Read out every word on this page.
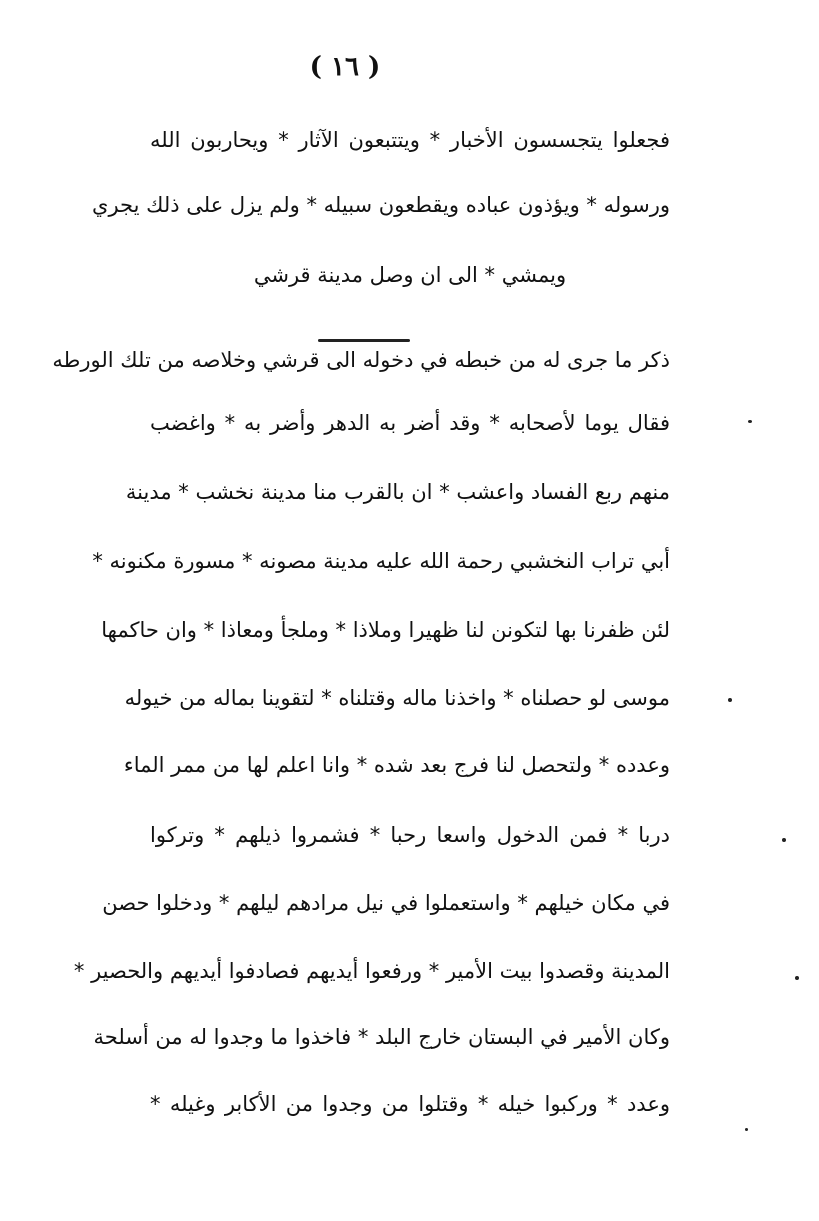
( ١٦ )
فجعلوا يتجسسون الأخبار * ويتتبعون الآثار * ويحاربون الله
ورسوله * ويؤذون عباده ويقطعون سبيله * ولم يزل على ذلك يجري
ويمشي * الى ان وصل مدينة قرشي
ذكر ما جرى له من خبطه في دخوله الى قرشي وخلاصه من تلك الورطه
فقال يوما لأصحابه * وقد أضر به الدهر وأضر به * واغضب
منهم ربع الفساد واعشب * ان بالقرب منا مدينة نخشب * مدينة
أبي تراب النخشبي رحمة الله عليه مدينة مصونه * مسورة مكنونه *
لئن ظفرنا بها لتكونن لنا ظهيرا وملاذا * وملجأ ومعاذا * وان حاكمها
موسى لو حصلناه * واخذنا ماله وقتلناه * لتقوينا بماله من خيوله
وعدده * ولتحصل لنا فرج بعد شده * وانا اعلم لها من ممر الماء
دربا * فمن الدخول واسعا رحبا * فشمروا ذيلهم * وتركوا
في مكان خيلهم * واستعملوا في نيل مرادهم ليلهم * ودخلوا حصن
المدينة وقصدوا بيت الأمير * ورفعوا أيديهم فصادفوا أيديهم والحصير *
وكان الأمير في البستان خارج البلد * فاخذوا ما وجدوا له من أسلحة
وعدد * وركبوا خيله * وقتلوا من وجدوا من الأكابر وغيله *
